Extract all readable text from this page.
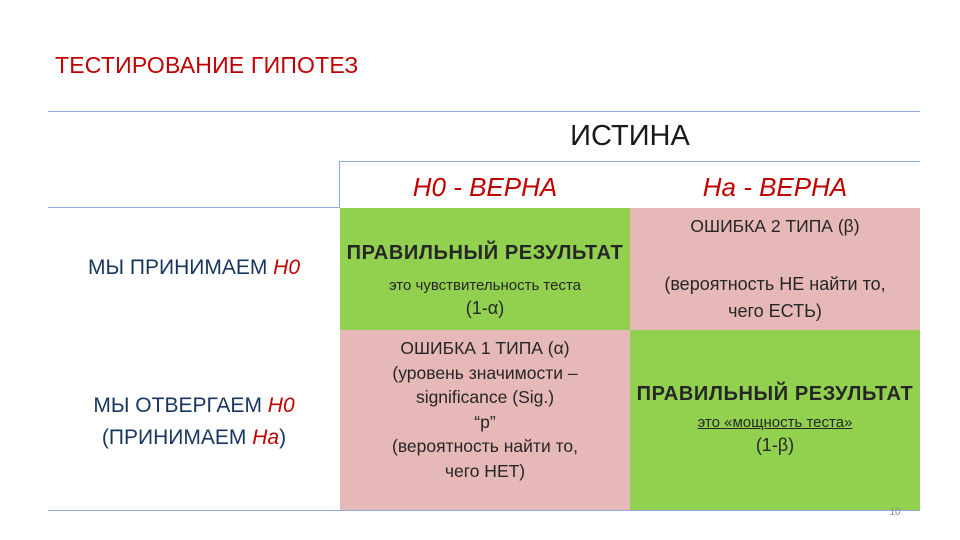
ТЕСТИРОВАНИЕ ГИПОТЕЗ
ИСТИНА
H0 - ВЕРНА	Ha - ВЕРНА
МЫ ПРИНИМАЕМ H0
МЫ ОТВЕРГАЕМ H0
(ПРИНИМАЕМ Ha)
ПРАВИЛЬНЫЙ РЕЗУЛЬТАТ
это чувствительность теста
(1-α)
ОШИБКА 2 ТИПА (β)
(вероятность НЕ найти то,
чего ЕСТЬ)
ОШИБКА 1 ТИПА (α)
(уровень значимости –
significance (Sig.)
“p”
(вероятность найти то,
чего НЕТ)
ПРАВИЛЬНЫЙ РЕЗУЛЬТАТ
это «мощность теста»
(1-β)
10
